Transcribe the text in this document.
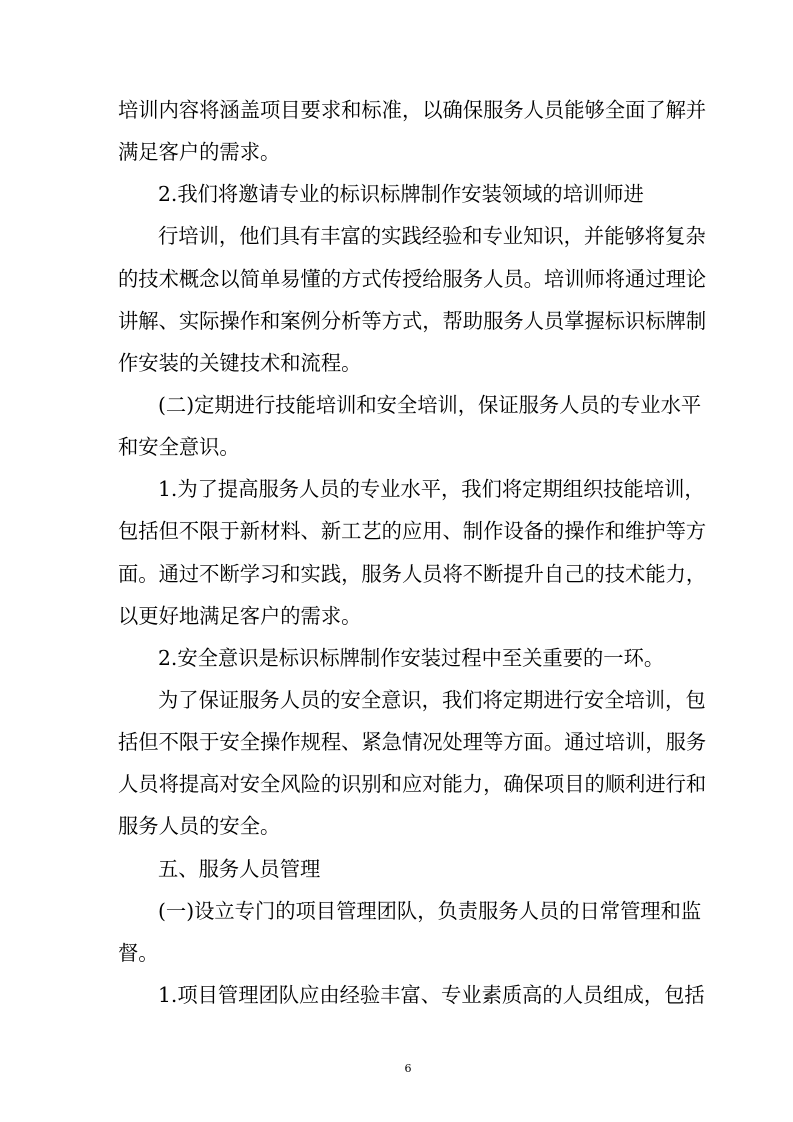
培训内容将涵盖项目要求和标准，以确保服务人员能够全面了解并
满足客户的需求。
2.我们将邀请专业的标识标牌制作安装领域的培训师进
行培训，他们具有丰富的实践经验和专业知识，并能够将复杂
的技术概念以简单易懂的方式传授给服务人员。培训师将通过理论
讲解、实际操作和案例分析等方式，帮助服务人员掌握标识标牌制
作安装的关键技术和流程。
(二)定期进行技能培训和安全培训，保证服务人员的专业水平
和安全意识。
1.为了提高服务人员的专业水平，我们将定期组织技能培训，
包括但不限于新材料、新工艺的应用、制作设备的操作和维护等方
面。通过不断学习和实践，服务人员将不断提升自己的技术能力，
以更好地满足客户的需求。
2.安全意识是标识标牌制作安装过程中至关重要的一环。
为了保证服务人员的安全意识，我们将定期进行安全培训，包
括但不限于安全操作规程、紧急情况处理等方面。通过培训，服务
人员将提高对安全风险的识别和应对能力，确保项目的顺利进行和
服务人员的安全。
五、服务人员管理
(一)设立专门的项目管理团队，负责服务人员的日常管理和监
督。
1.项目管理团队应由经验丰富、专业素质高的人员组成，包括
6
